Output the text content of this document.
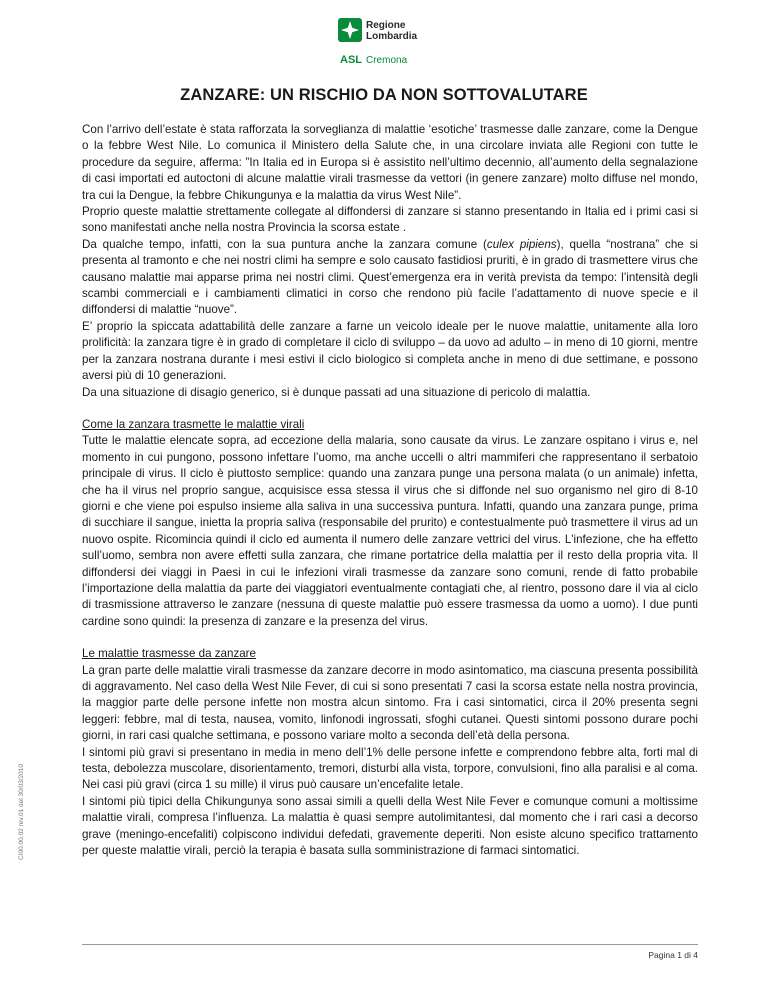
Regione
Lombardia
ASL Cremona
ZANZARE: UN RISCHIO DA NON SOTTOVALUTARE

Con l’arrivo dell’estate è stata rafforzata la sorveglianza di malattie ‘esotiche’ trasmesse dalle zanzare, come la Dengue o la febbre West Nile. Lo comunica il Ministero della Salute che, in una circolare inviata alle Regioni con tutte le procedure da seguire, afferma: ”In Italia ed in Europa si è assistito nell’ultimo decennio, all’aumento della segnalazione di casi importati ed autoctoni di alcune malattie virali trasmesse da vettori (in genere zanzare) molto diffuse nel mondo, tra cui la Dengue, la febbre Chikungunya e la malattia da virus West Nile”.

Proprio queste malattie strettamente collegate al diffondersi di zanzare si stanno presentando in Italia ed i primi casi si sono manifestati anche nella nostra Provincia la scorsa estate .

Da qualche tempo, infatti, con la sua puntura anche la zanzara comune (culex pipiens), quella “nostrana” che si presenta al tramonto e che nei nostri climi ha sempre e solo causato fastidiosi pruriti, è in grado di trasmettere virus che causano malattie mai apparse prima nei nostri climi. Quest’emergenza era in verità prevista da tempo: l’intensità degli scambi commerciali e i cambiamenti climatici in corso che rendono più facile l’adattamento di nuove specie e il diffondersi di malattie “nuove”.

E’ proprio la spiccata adattabilità delle zanzare a farne un veicolo ideale per le nuove malattie, unitamente alla loro prolificità: la zanzara tigre è in grado di completare il ciclo di sviluppo – da uovo ad adulto – in meno di 10 giorni, mentre per la zanzara nostrana durante i mesi estivi il ciclo biologico si completa anche in meno di due settimane, e possono aversi più di 10 generazioni.

Da una situazione di disagio generico, si è dunque passati ad una situazione di pericolo di malattia.

Come la zanzara trasmette le malattie virali

Tutte le malattie elencate sopra, ad eccezione della malaria, sono causate da virus. Le zanzare ospitano i virus e, nel momento in cui pungono, possono infettare l’uomo, ma anche uccelli o altri mammiferi che rappresentano il serbatoio principale di virus. Il ciclo è piuttosto semplice: quando una zanzara punge una persona malata (o un animale) infetta, che ha il virus nel proprio sangue, acquisisce essa stessa il virus che si diffonde nel suo organismo nel giro di 8-10 giorni e che viene poi espulso insieme alla saliva in una successiva puntura. Infatti, quando una zanzara punge, prima di succhiare il sangue, inietta la propria saliva (responsabile del prurito) e contestualmente può trasmettere il virus ad un nuovo ospite. Ricomincia quindi il ciclo ed aumenta il numero delle zanzare vettrici del virus. L'infezione, che ha effetto sull’uomo, sembra non avere effetti sulla zanzara, che rimane portatrice della malattia per il resto della propria vita. Il diffondersi dei viaggi in Paesi in cui le infezioni virali trasmesse da zanzare sono comuni, rende di fatto probabile l’importazione della malattia da parte dei viaggiatori eventualmente contagiati che, al rientro, possono dare il via al ciclo di trasmissione attraverso le zanzare (nessuna di queste malattie può essere trasmessa da uomo a uomo). I due punti cardine sono quindi: la presenza di zanzare e la presenza del virus.

Le malattie trasmesse da zanzare

La gran parte delle malattie virali trasmesse da zanzare decorre in modo asintomatico, ma ciascuna presenta possibilità di aggravamento. Nel caso della West Nile Fever, di cui si sono presentati 7 casi la scorsa estate nella nostra provincia, la maggior parte delle persone infette non mostra alcun sintomo. Fra i casi sintomatici, circa il 20% presenta segni leggeri: febbre, mal di testa, nausea, vomito, linfonodi ingrossati, sfoghi cutanei. Questi sintomi possono durare pochi giorni, in rari casi qualche settimana, e possono variare molto a seconda dell’età della persona.

I sintomi più gravi si presentano in media in meno dell’1% delle persone infette e comprendono febbre alta, forti mal di testa, debolezza muscolare, disorientamento, tremori, disturbi alla vista, torpore, convulsioni, fino alla paralisi e al coma. Nei casi più gravi (circa 1 su mille) il virus può causare un’encefalite letale.

I sintomi più tipici della Chikungunya sono assai simili a quelli della West Nile Fever e comunque comuni a moltissime malattie virali, compresa l’influenza. La malattia è quasi sempre autolimitantesi, dal momento che i rari casi a decorso grave (meningo-encefaliti) colpiscono individui defedati, gravemente deperiti. Non esiste alcuno specifico trattamento per queste malattie virali, perciò la terapia è basata sulla somministrazione di farmaci sintomatici.

CI00.00.02 rev.01 del 30/03/2010
Pagina 1 di 4
